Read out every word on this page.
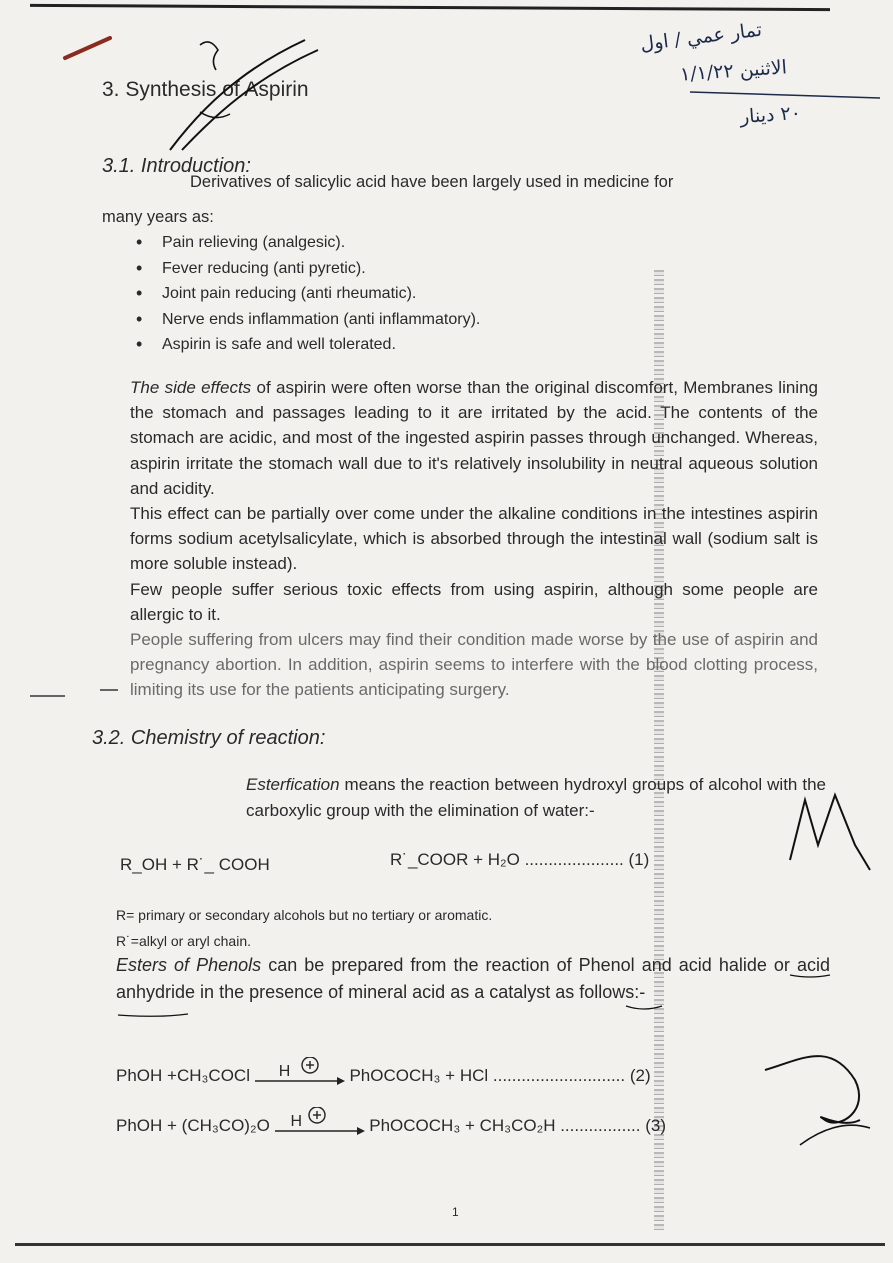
3. Synthesis of Aspirin
3.1. Introduction:
Derivatives of salicylic acid have been largely used in medicine for
many years as:
• Pain relieving (analgesic).
• Fever reducing (anti pyretic).
• Joint pain reducing (anti rheumatic).
• Nerve ends inflammation (anti inflammatory).
• Aspirin is safe and well tolerated.

The side effects of aspirin were often worse than the original discomfort, Membranes lining the stomach and passages leading to it are irritated by the acid. The contents of the stomach are acidic, and most of the ingested aspirin passes through unchanged. Whereas, aspirin irritate the stomach wall due to it's relatively insolubility in neutral aqueous solution and acidity.

This effect can be partially over come under the alkaline conditions in the intestines aspirin forms sodium acetylsalicylate, which is absorbed through the intestinal wall (sodium salt is more soluble instead).

Few people suffer serious toxic effects from using aspirin, although some people are allergic to it.

People suffering from ulcers may find their condition made worse by the use of aspirin and pregnancy abortion. In addition, aspirin seems to interfere with the blood clotting process, limiting its use for the patients anticipating surgery.

3.2. Chemistry of reaction:

Esterfication means the reaction between hydroxyl groups of alcohol with the carboxylic group with the elimination of water:-

R_OH + R˙_ COOH	R˙_COOR + H₂O ..................... (1)
R= primary or secondary alcohols but no tertiary or aromatic.
R˙=alkyl or aryl chain.

Esters of Phenols can be prepared from the reaction of Phenol and acid halide or acid anhydride in the presence of mineral acid as a catalyst as follows:-

PhOH +CH₃COCl H	PhOCOCH₃ + HCl ............................ (2)
PhOH + (CH₃CO)₂O H	PhOCOCH₃ + CH₃CO₂H ................. (3)
1
تمار عمي / اول
الاثنين ١/١/٢٢
٢٠ دينار
